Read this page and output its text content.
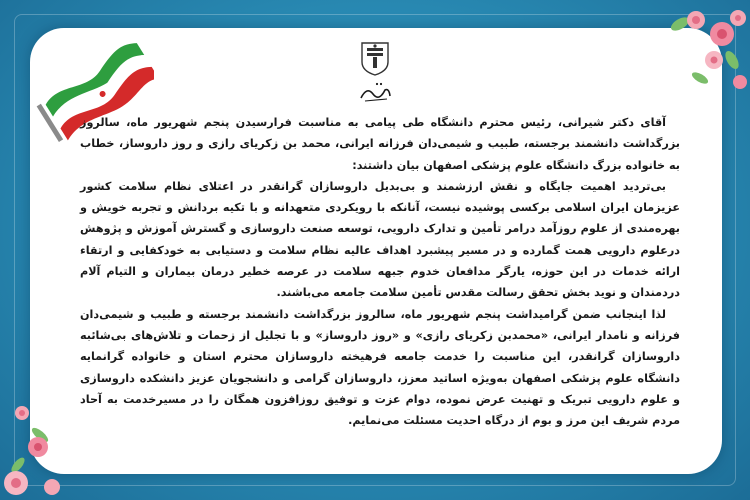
آقای دکتر شیرانی، رئیس محترم دانشگاه طی پیامی به مناسبت فرارسیدن پنجم شهریور ماه، سالروز بزرگداشت دانشمند برجسته، طبیب و شیمی‌دان فرزانه ایرانی، محمد بن زکریای رازی و روز داروساز، خطاب به خانواده بزرگ دانشگاه علوم پزشکی اصفهان بیان داشتند:

بی‌تردید اهمیت جایگاه و نقش ارزشمند و بی‌بدیل داروسازان گرانقدر در اعتلای نظام سلامت کشور عزیزمان ایران اسلامی برکسی پوشیده نیست، آنانکه با رویکردی متعهدانه و با تکیه بردانش و تجربه خویش و بهره‌مندی از علوم روزآمد درامر تأمین و تدارک دارویی، توسعه صنعت داروسازی و گسترش آموزش و پژوهش درعلوم دارویی همت گمارده و در مسیر پیشبرد اهداف عالیه نظام سلامت و دستیابی به خودکفایی و ارتقاء ارائه خدمات در این حوزه، یارگر مدافعان خدوم جبهه سلامت در عرصه خطیر درمان بیماران و التیام آلام دردمندان و نوید بخش تحقق رسالت مقدس تأمین سلامت جامعه می‌باشند.

لذا اینجانب ضمن گرامیداشت پنجم شهریور ماه، سالروز بزرگداشت دانشمند برجسته و طبیب و شیمی‌دان فرزانه و نامدار ایرانی، «محمدبن زکریای رازی» و «روز داروساز» و با تجلیل از زحمات و تلاش‌های بی‌شائبه داروسازان گرانقدر، این مناسبت را خدمت جامعه فرهیخته داروسازان محترم استان و خانواده گرانمایه دانشگاه علوم پزشکی اصفهان به‌ویژه اساتید معزز، داروسازان گرامی و دانشجویان عزیز دانشکده داروسازی و علوم دارویی تبریک و تهنیت عرض نموده، دوام عزت و توفیق روزافزون همگان را در مسیرخدمت به آحاد مردم شریف این مرز و بوم از درگاه احدیت مسئلت می‌نمایم.
